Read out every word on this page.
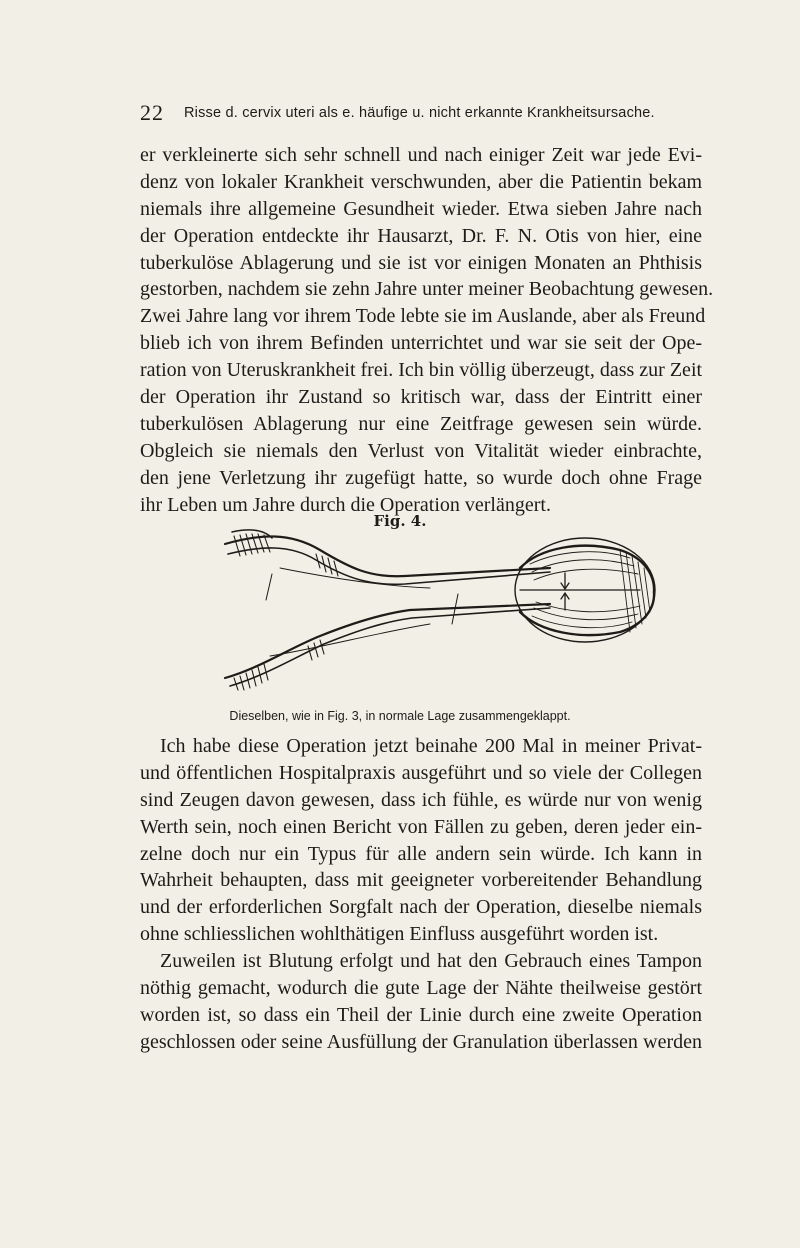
22 Risse d. cervix uteri als e. häufige u. nicht erkannte Krankheitsursache.

er verkleinerte sich sehr schnell und nach einiger Zeit war jede Evi-
denz von lokaler Krankheit verschwunden, aber die Patientin bekam
niemals ihre allgemeine Gesundheit wieder. Etwa sieben Jahre nach
der Operation entdeckte ihr Hausarzt, Dr. F. N. Otis von hier, eine
tuberkulöse Ablagerung und sie ist vor einigen Monaten an Phthisis
gestorben, nachdem sie zehn Jahre unter meiner Beobachtung gewesen.
Zwei Jahre lang vor ihrem Tode lebte sie im Auslande, aber als Freund
blieb ich von ihrem Befinden unterrichtet und war sie seit der Ope-
ration von Uteruskrankheit frei. Ich bin völlig überzeugt, dass zur Zeit
der Operation ihr Zustand so kritisch war, dass der Eintritt einer
tuberkulösen Ablagerung nur eine Zeitfrage gewesen sein würde.
Obgleich sie niemals den Verlust von Vitalität wieder einbrachte,
den jene Verletzung ihr zugefügt hatte, so wurde doch ohne Frage
ihr Leben um Jahre durch die Operation verlängert.

Fig. 4.
Dieselben, wie in Fig. 3, in normale Lage zusammengeklappt.

Ich habe diese Operation jetzt beinahe 200 Mal in meiner Privat-
und öffentlichen Hospitalpraxis ausgeführt und so viele der Collegen
sind Zeugen davon gewesen, dass ich fühle, es würde nur von wenig
Werth sein, noch einen Bericht von Fällen zu geben, deren jeder ein-
zelne doch nur ein Typus für alle andern sein würde. Ich kann in
Wahrheit behaupten, dass mit geeigneter vorbereitender Behandlung
und der erforderlichen Sorgfalt nach der Operation, dieselbe niemals
ohne schliesslichen wohlthätigen Einfluss ausgeführt worden ist.
Zuweilen ist Blutung erfolgt und hat den Gebrauch eines Tampon
nöthig gemacht, wodurch die gute Lage der Nähte theilweise gestört
worden ist, so dass ein Theil der Linie durch eine zweite Operation
geschlossen oder seine Ausfüllung der Granulation überlassen werden
